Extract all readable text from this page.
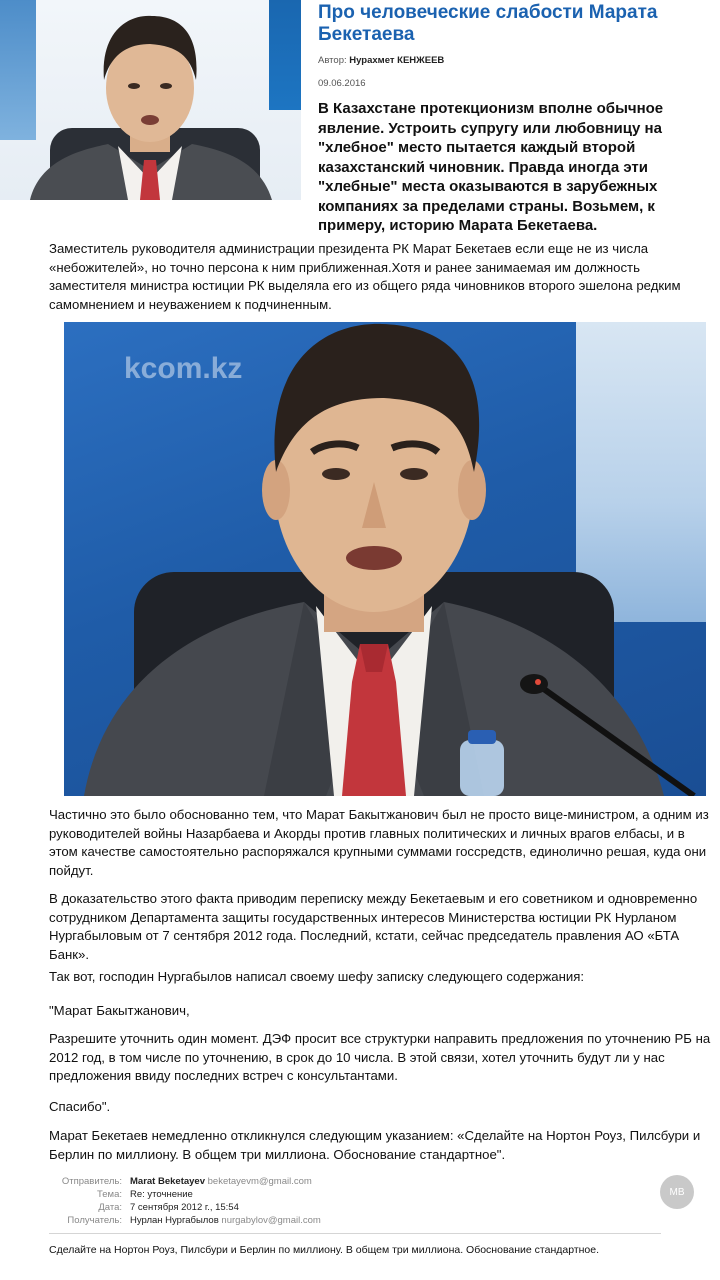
Про человеческие слабости Марата Бекетаева
Автор: Нурахмет КЕНЖЕЕВ
09.06.2016
В Казахстане протекционизм вполне обычное явление. Устроить супругу или любовницу на "хлебное" место пытается каждый второй казахстанский чиновник. Правда иногда эти "хлебные" места оказываются в зарубежных компаниях за пределами страны. Возьмем, к примеру, историю Марата Бекетаева.
Заместитель руководителя администрации президента РК Марат Бекетаев если еще не из числа «небожителей», но точно персона к ним приближенная.Хотя и ранее занимаемая им должность заместителя министра юстиции РК выделяла его из общего ряда чиновников второго эшелона редким самомнением и неуважением к подчиненным.
kcom.kz
Частично это было обоснованно тем, что Марат Бакытжанович был не просто вице-министром, а одним из руководителей войны Назарбаева и Акорды против главных политических и личных врагов елбасы, и в этом качестве самостоятельно распоряжался крупными суммами госсредств, единолично решая, куда они пойдут.
В доказательство этого факта приводим переписку между Бекетаевым и его советником и одновременно сотрудником Департамента защиты государственных интересов Министерства юстиции РК Нурланом Нургабыловым от 7 сентября 2012 года. Последний, кстати, сейчас председатель правления АО «БТА Банк».
Так вот, господин Нургабылов написал своему шефу записку следующего содержания:
"Марат Бакытжанович,
Разрешите уточнить один момент. ДЭФ просит все структурки направить предложения по уточнению РБ на 2012 год, в том числе по уточнению, в срок до 10 числа. В этой связи, хотел уточнить будут ли у нас предложения ввиду последних встреч с консультантами.
Спасибо".
Марат Бекетаев немедленно откликнулся следующим указанием: «Сделайте на Нортон Роуз, Пилсбури и Берлин по миллиону. В общем три миллиона. Обоснование стандартное".
Отправитель: Marat Beketayev beketayevm@gmail.com
Тема: Re: уточнение
Дата: 7 сентября 2012 г., 15:54
Получатель: Нурлан Нургабылов nurgabylov@gmail.com
MB
Сделайте на Нортон Роуз, Пилсбури и Берлин по миллиону. В общем три миллиона. Обоснование стандартное.
